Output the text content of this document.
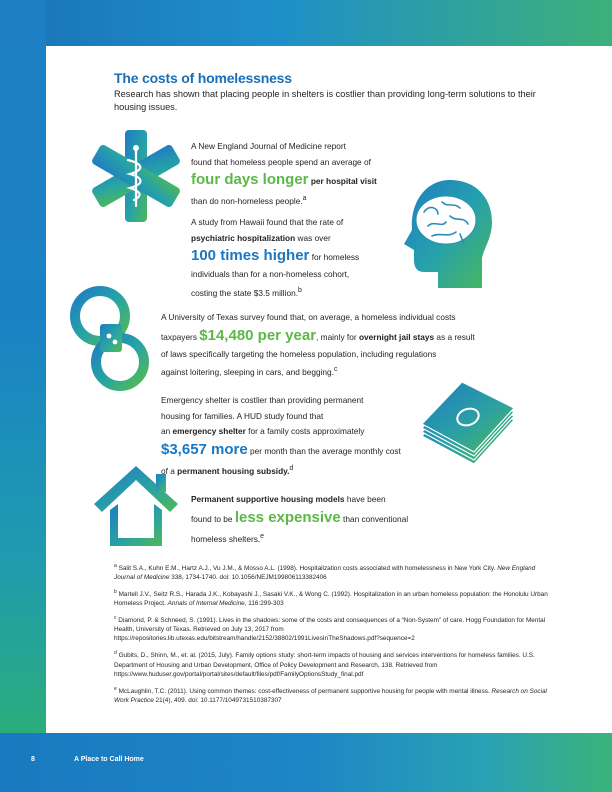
The costs of homelessness
Research has shown that placing people in shelters is costlier than providing long-term solutions to their housing issues.
A New England Journal of Medicine report
found that homeless people spend an average of
four days longer per hospital visit
than do non-homeless people.$^a$
A study from Hawaii found that the rate of
psychiatric hospitalization was over
100 times higher for homeless
individuals than for a non-homeless cohort,
costing the state $3.5 million.$^b$
A University of Texas survey found that, on average, a homeless individual costs
taxpayers $14,480 per year, mainly for overnight jail stays as a result
of laws specifically targeting the homeless population, including regulations
against loitering, sleeping in cars, and begging.$^c$
Emergency shelter is costlier than providing permanent
housing for families. A HUD study found that
an emergency shelter for a family costs approximately
$3,657 more per month than the average monthly cost
of a permanent housing subsidy.$^d$
Permanent supportive housing models have been
found to be less expensive than conventional
homeless shelters.$^e$
$^a$ Salit S.A., Kuhn E.M., Hartz A.J., Vu J.M., & Mosso A.L. (1998). Hospitalization costs associated with homelessness in New York City. New England Journal of Medicine 338, 1734-1740. doi: 10.1056/NEJM199806113382406
$^b$ Martell J.V., Seitz R.S., Harada J.K., Kobayashi J., Sasaki V.K., & Wong C. (1992). Hospitalization in an urban homeless population: the Honolulu Urban Homeless Project. Annals of Internal Medicine, 116:299-303
$^c$ Diamond, P. & Schneed, S. (1991). Lives in the shadows: some of the costs and consequences of a “Non-System” of care. Hogg Foundation for Mental Health, University of Texas. Retrieved on July 13, 2017 from https://repositories.lib.utexas.edu/bitstream/handle/2152/38802/1991LivesInTheShadows.pdf?sequence=2
$^d$ Gubits, D., Shinn, M., et. al. (2015, July). Family options study: short-term impacts of housing and services interventions for homeless families. U.S. Department of Housing and Urban Development, Office of Policy Development and Research, 138. Retrieved from https://www.huduser.gov/portal/portal/sites/default/files/pdf/FamilyOptionsStudy_final.pdf
$^e$ McLaughlin, T.C. (2011). Using common themes: cost-effectiveness of permanent supportive housing for people with mental illness. Research on Social Work Practice 21(4), 409. doi: 10.1177/1049731510387307
8	A Place to Call Home
